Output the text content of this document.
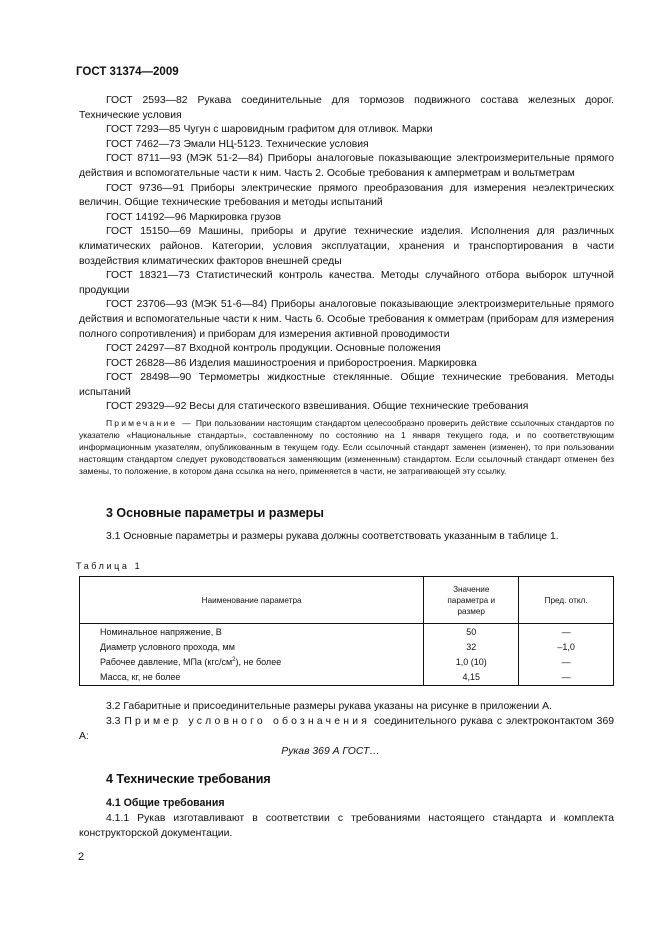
ГОСТ 31374—2009

ГОСТ 2593—82 Рукава соединительные для тормозов подвижного состава железных дорог. Технические условия

ГОСТ 7293—85 Чугун с шаровидным графитом для отливок. Марки

ГОСТ 7462—73 Эмали НЦ-5123. Технические условия

ГОСТ 8711—93 (МЭК 51-2—84) Приборы аналоговые показывающие электроизмерительные прямого действия и вспомогательные части к ним. Часть 2. Особые требования к амперметрам и вольтметрам

ГОСТ 9736—91 Приборы электрические прямого преобразования для измерения неэлектрических величин. Общие технические требования и методы испытаний

ГОСТ 14192—96 Маркировка грузов

ГОСТ 15150—69 Машины, приборы и другие технические изделия. Исполнения для различных климатических районов. Категории, условия эксплуатации, хранения и транспортирования в части воздействия климатических факторов внешней среды

ГОСТ 18321—73 Статистический контроль качества. Методы случайного отбора выборок штучной продукции

ГОСТ 23706—93 (МЭК 51-6—84) Приборы аналоговые показывающие электроизмерительные прямого действия и вспомогательные части к ним. Часть 6. Особые требования к омметрам (приборам для измерения полного сопротивления) и приборам для измерения активной проводимости

ГОСТ 24297—87 Входной контроль продукции. Основные положения

ГОСТ 26828—86 Изделия машиностроения и приборостроения. Маркировка

ГОСТ 28498—90 Термометры жидкостные стеклянные. Общие технические требования. Методы испытаний

ГОСТ 29329—92 Весы для статического взвешивания. Общие технические требования

Примечание — При пользовании настоящим стандартом целесообразно проверить действие ссылочных стандартов по указателю «Национальные стандарты», составленному по состоянию на 1 января текущего года, и по соответствующим информационным указателям, опубликованным в текущем году. Если ссылочный стандарт заменен (изменен), то при пользовании настоящим стандартом следует руководствоваться заменяющим (измененным) стандартом. Если ссылочный стандарт отменен без замены, то положение, в котором дана ссылка на него, применяется в части, не затрагивающей эту ссылку.

3 Основные параметры и размеры

3.1 Основные параметры и размеры рукава должны соответствовать указанным в таблице 1.

Таблица 1
Наименование параметра	Значение параметра и размер	Пред. откл.
Номинальное напряжение, В	50	—
Диаметр условного прохода, мм	32	–1,0
Рабочее давление, МПа $(кгс/см^2)$, не более	1,0 (10)	—
Масса, кг, не более	4,15	—

3.2 Габаритные и присоединительные размеры рукава указаны на рисунке в приложении А.

3.3 Пример условного обозначения соединительного рукава с электроконтактом 369 А:

Рукав 369 А ГОСТ…
4 Технические требования
4.1 Общие требования

4.1.1 Рукав изготавливают в соответствии с требованиями настоящего стандарта и комплекта конструкторской документации.

2
